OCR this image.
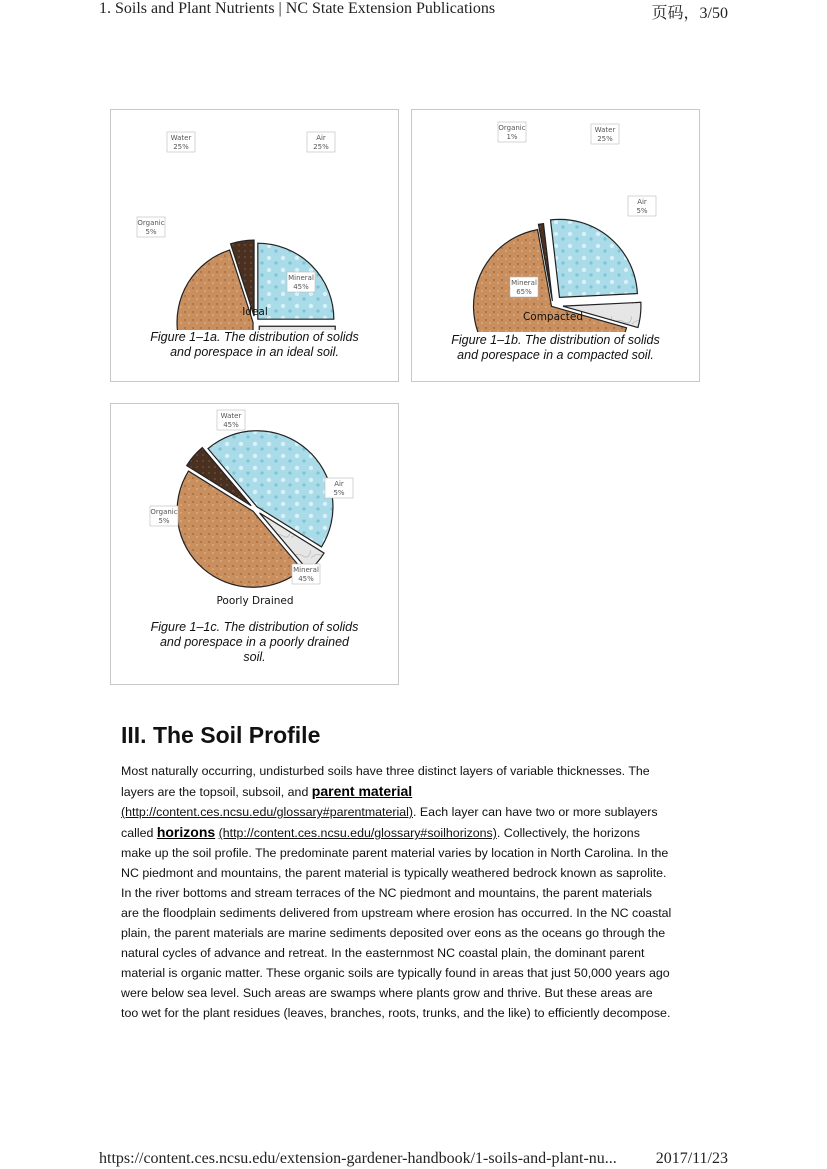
1. Soils and Plant Nutrients | NC State Extension Publications	页码，3/50
https://content.ces.ncsu.edu/extension-gardener-handbook/1-soils-and-plant-nu... 2017/11/23
Water
25%
Air
25%
Mineral
45%
Organic
5%
Ideal
Figure 1–1a. The distribution of solids
and porespace in an ideal soil.
Organic
1%
Water
25%
Air
5%
Mineral
65%
Compacted
Figure 1–1b. The distribution of solids
and porespace in a compacted soil.
Water
45%
Air
5%
Mineral
45%
Organic
5%
Poorly Drained
Figure 1–1c. The distribution of solids
and porespace in a poorly drained
soil.
III. The Soil Profile
Most naturally occurring, undisturbed soils have three distinct layers of variable thicknesses. The
layers are the topsoil, subsoil, and parent material
(http://content.ces.ncsu.edu/glossary#parentmaterial). Each layer can have two or more sublayers
called horizons (http://content.ces.ncsu.edu/glossary#soilhorizons). Collectively, the horizons
make up the soil profile. The predominate parent material varies by location in North Carolina. In the
NC piedmont and mountains, the parent material is typically weathered bedrock known as saprolite.
In the river bottoms and stream terraces of the NC piedmont and mountains, the parent materials
are the floodplain sediments delivered from upstream where erosion has occurred. In the NC coastal
plain, the parent materials are marine sediments deposited over eons as the oceans go through the
natural cycles of advance and retreat. In the easternmost NC coastal plain, the dominant parent
material is organic matter. These organic soils are typically found in areas that just 50,000 years ago
were below sea level. Such areas are swamps where plants grow and thrive. But these areas are
too wet for the plant residues (leaves, branches, roots, trunks, and the like) to efficiently decompose.
